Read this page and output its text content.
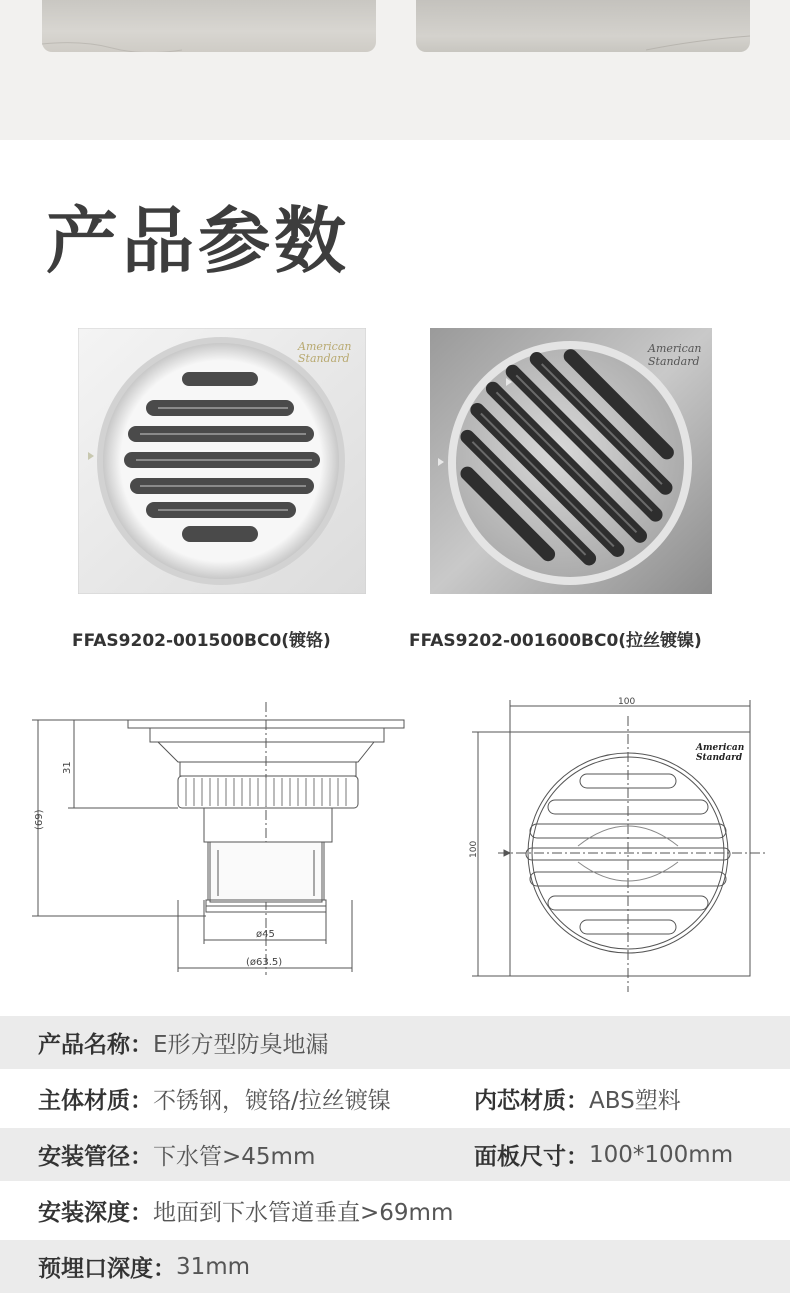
产品参数
American
Standard
FFAS9202-001500BC0(镀铬)
American
Standard
FFAS9202-001600BC0(拉丝镀镍)
(69)
31
ø45
(ø63.5)
100
100
American
Standard
产品名称： E形方型防臭地漏
主体材质： 不锈钢，镀铬/拉丝镀镍	内芯材质： ABS塑料
安装管径： 下水管>45mm	面板尺寸： 100*100mm
安装深度： 地面到下水管道垂直>69mm
预埋口深度： 31mm
